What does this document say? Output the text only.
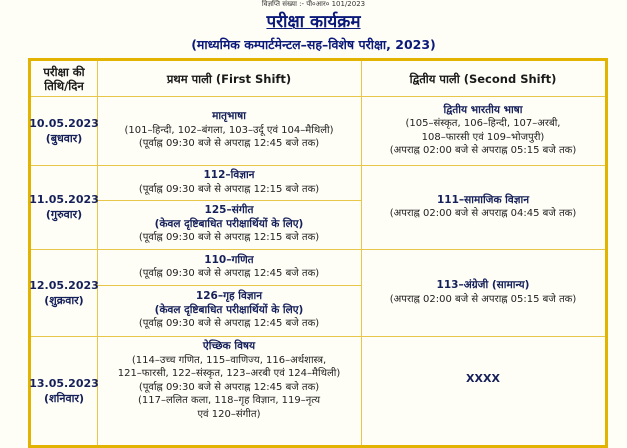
विज्ञप्ति संख्या :- पी०आर० 101/2023
परीक्षा कार्यक्रम
(माध्यमिक कम्पार्टमेन्टल–सह–विशेष परीक्षा, 2023)
परीक्षा की
तिथि/दिन	प्रथम पाली (First Shift)	द्वितीय पाली (Second Shift)
10.05.2023
(बुधवार)
मातृभाषा
(101–हिन्दी, 102–बंगला, 103–उर्दू एवं 104–मैथिली)
(पूर्वाह्न 09:30 बजे से अपराह्न 12:45 बजे तक)
द्वितीय भारतीय भाषा
(105–संस्कृत, 106–हिन्दी, 107–अरबी,
108–फारसी एवं 109–भोजपुरी)
(अपराह्न 02:00 बजे से अपराह्न 05:15 बजे तक)
11.05.2023
(गुरुवार)
112–विज्ञान
(पूर्वाह्न 09:30 बजे से अपराह्न 12:15 बजे तक)
125–संगीत
(केवल दृष्टिबाधित परीक्षार्थियों के लिए)
(पूर्वाह्न 09:30 बजे से अपराह्न 12:15 बजे तक)
111–सामाजिक विज्ञान
(अपराह्न 02:00 बजे से अपराह्न 04:45 बजे तक)
12.05.2023
(शुक्रवार)
110–गणित
(पूर्वाह्न 09:30 बजे से अपराह्न 12:45 बजे तक)
126–गृह विज्ञान
(केवल दृष्टिबाधित परीक्षार्थियों के लिए)
(पूर्वाह्न 09:30 बजे से अपराह्न 12:45 बजे तक)
113–अंग्रेजी (सामान्य)
(अपराह्न 02:00 बजे से अपराह्न 05:15 बजे तक)
13.05.2023
(शनिवार)
ऐच्छिक विषय
(114–उच्च गणित, 115–वाणिज्य, 116–अर्थशास्त्र,
121–फारसी, 122–संस्कृत, 123–अरबी एवं 124–मैथिली)
(पूर्वाह्न 09:30 बजे से अपराह्न 12:45 बजे तक)
(117–ललित कला, 118–गृह विज्ञान, 119–नृत्य
एवं 120–संगीत)
XXXX
